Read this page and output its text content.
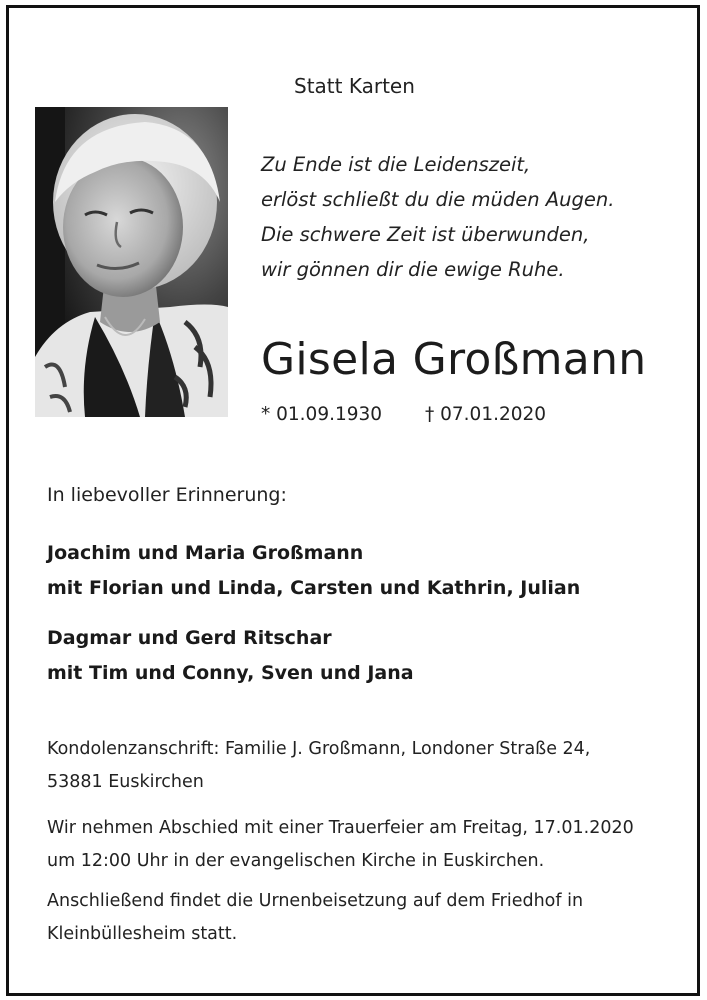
Statt Karten
Zu Ende ist die Leidenszeit,
erlöst schließt du die müden Augen.
Die schwere Zeit ist überwunden,
wir gönnen dir die ewige Ruhe.
Gisela Großmann
* 01.09.1930 † 07.01.2020
In liebevoller Erinnerung:
Joachim und Maria Großmann
mit Florian und Linda, Carsten und Kathrin, Julian
Dagmar und Gerd Ritschar
mit Tim und Conny, Sven und Jana
Kondolenzanschrift: Familie J. Großmann, Londoner Straße 24,
53881 Euskirchen
Wir nehmen Abschied mit einer Trauerfeier am Freitag, 17.01.2020
um 12:00 Uhr in der evangelischen Kirche in Euskirchen.
Anschließend findet die Urnenbeisetzung auf dem Friedhof in
Kleinbüllesheim statt.
